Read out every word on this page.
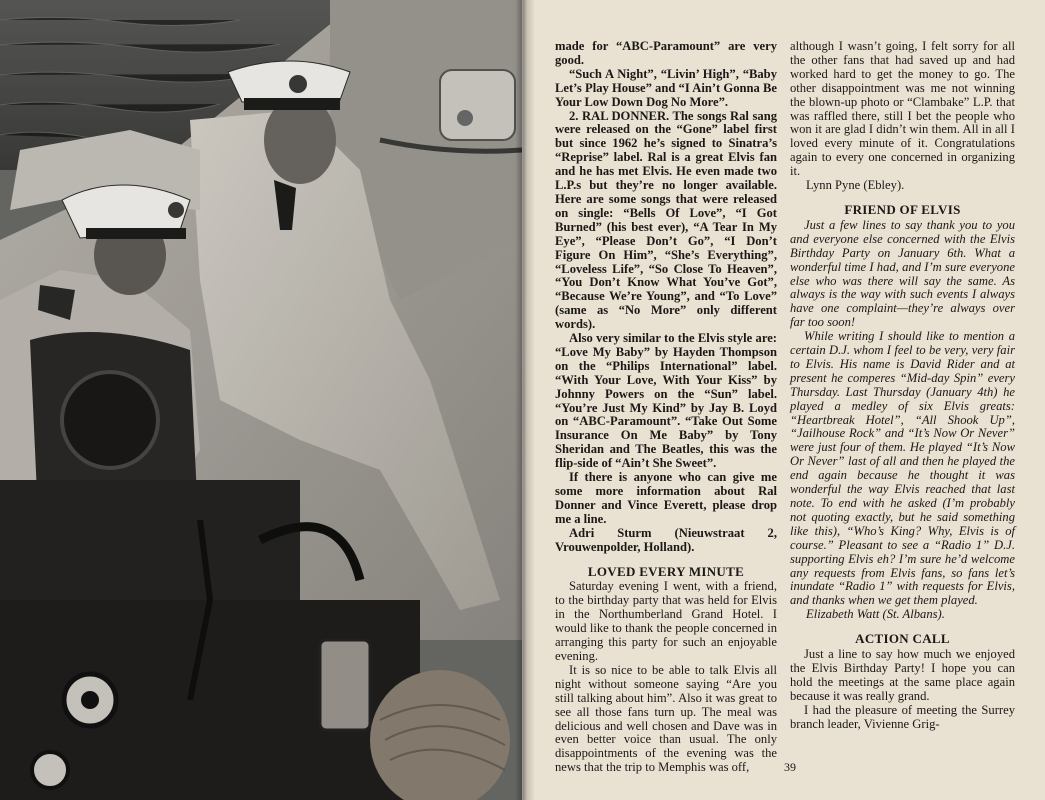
made for “ABC-Paramount” are very good.

“Such A Night”, “Livin’ High”, “Baby Let’s Play House” and “I Ain’t Gonna Be Your Low Down Dog No More”.

2. RAL DONNER. The songs Ral sang were released on the “Gone” label first but since 1962 he’s signed to Sinatra’s “Reprise” label. Ral is a great Elvis fan and he has met Elvis. He even made two L.P.s but they’re no longer available. Here are some songs that were released on single: “Bells Of Love”, “I Got Burned” (his best ever), “A Tear In My Eye”, “Please Don’t Go”, “I Don’t Figure On Him”, “She’s Everything”, “Loveless Life”, “So Close To Heaven”, “You Don’t Know What You’ve Got”, “Because We’re Young”, and “To Love” (same as “No More” only different words).

Also very similar to the Elvis style are: “Love My Baby” by Hayden Thompson on the “Philips International” label. “With Your Love, With Your Kiss” by Johnny Powers on the “Sun” label. “You’re Just My Kind” by Jay B. Loyd on “ABC-Paramount”. “Take Out Some Insurance On Me Baby” by Tony Sheridan and The Beatles, this was the flip-side of “Ain’t She Sweet”.

If there is anyone who can give me some more information about Ral Donner and Vince Everett, please drop me a line.

Adri Sturm (Nieuwstraat 2, Vrouwenpolder, Holland).

LOVED EVERY MINUTE

Saturday evening I went, with a friend, to the birthday party that was held for Elvis in the Northumberland Grand Hotel. I would like to thank the people concerned in arranging this party for such an enjoyable evening.

It is so nice to be able to talk Elvis all night without someone saying “Are you still talking about him”. Also it was great to see all those fans turn up. The meal was delicious and well chosen and Dave was in even better voice than usual. The only disappointments of the evening was the news that the trip to Memphis was off,

although I wasn’t going, I felt sorry for all the other fans that had saved up and had worked hard to get the money to go. The other disappointment was me not winning the blown-up photo or “Clambake” L.P. that was raffled there, still I bet the people who won it are glad I didn’t win them. All in all I loved every minute of it. Congratulations again to every one concerned in organizing it.

Lynn Pyne (Ebley).

FRIEND OF ELVIS

Just a few lines to say thank you to you and everyone else concerned with the Elvis Birthday Party on January 6th. What a wonderful time I had, and I’m sure everyone else who was there will say the same. As always is the way with such events I always have one complaint—they’re always over far too soon!

While writing I should like to mention a certain D.J. whom I feel to be very, very fair to Elvis. His name is David Rider and at present he comperes “Mid-day Spin” every Thursday. Last Thursday (January 4th) he played a medley of six Elvis greats: “Heartbreak Hotel”, “All Shook Up”, “Jailhouse Rock” and “It’s Now Or Never” were just four of them. He played “It’s Now Or Never” last of all and then he played the end again because he thought it was wonderful the way Elvis reached that last note. To end with he asked (I’m probably not quoting exactly, but he said something like this), “Who’s King? Why, Elvis is of course.” Pleasant to see a “Radio 1” D.J. supporting Elvis eh? I’m sure he’d welcome any requests from Elvis fans, so fans let’s inundate “Radio 1” with requests for Elvis, and thanks when we get them played.

Elizabeth Watt (St. Albans).

ACTION CALL

Just a line to say how much we enjoyed the Elvis Birthday Party! I hope you can hold the meetings at the same place again because it was really grand.

I had the pleasure of meeting the Surrey branch leader, Vivienne Grig-

39
